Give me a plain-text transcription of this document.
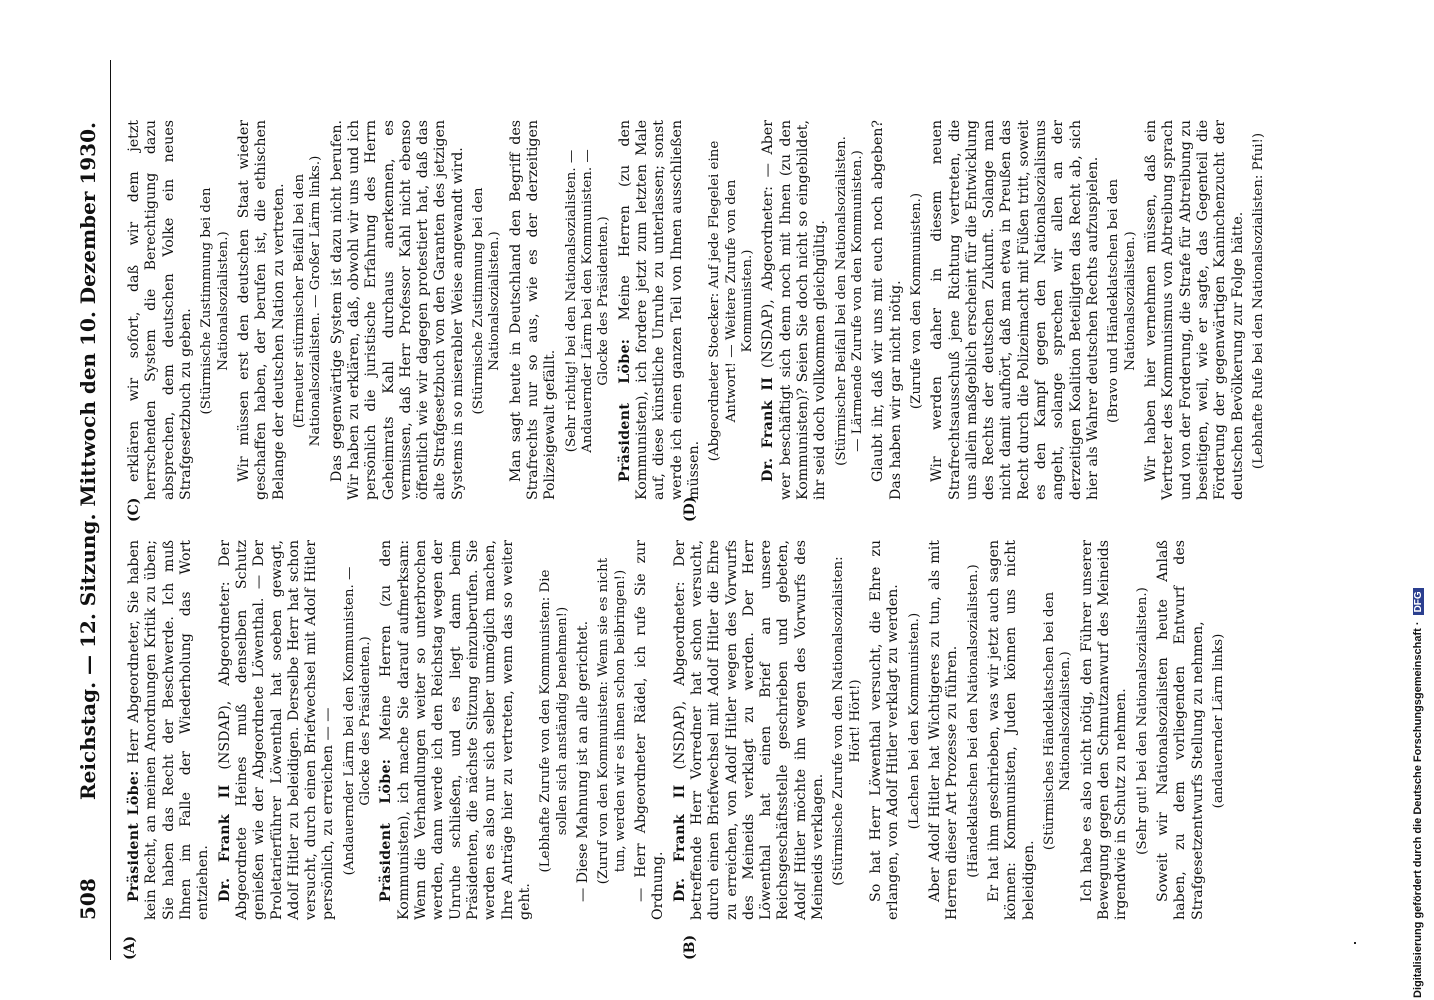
508
Reichstag. — 12. Sitzung. Mittwoch den 10. Dezember 1930.
(A)	(B)

Präsident Löbe: Herr Abgeordneter, Sie haben kein Recht, an meinen Anordnungen Kritik zu üben; Sie haben das Recht der Beschwerde. Ich muß Ihnen im Falle der Wiederholung das Wort entziehen. Dr. Frank II (NSDAP), Abgeordneter: Der Abgeordnete Heines muß denselben Schutz genießen wie der Abgeordnete Löwenthal. — Der Proletarierführer Löwenthal hat soeben gewagt, Adolf Hitler zu beleidigen. Derselbe Herr hat schon versucht, durch einen Briefwechsel mit Adolf Hitler persönlich, zu erreichen — — (Andauernder Lärm bei den Kommunisten. — Glocke des Präsidenten.)

Präsident Löbe: Meine Herren (zu den Kommunisten), ich mache Sie darauf aufmerksam: Wenn die Verhandlungen weiter so unterbrochen werden, dann werde ich den Reichstag wegen der Unruhe schließen, und es liegt dann beim Präsidenten, die nächste Sitzung einzuberufen. Sie werden es also nur sich selber unmöglich machen, Ihre Anträge hier zu vertreten, wenn das so weiter geht.

(Lebhafte Zurufe von den Kommunisten: Die sollen sich anständig benehmen!) — Diese Mahnung ist an alle gerichtet. (Zuruf von den Kommunisten: Wenn sie es nicht tun, werden wir es ihnen schon beibringen!) — Herr Abgeordneter Rädel, ich rufe Sie zur Ordnung. Dr. Frank II (NSDAP), Abgeordneter: Der betreffende Herr Vorredner hat schon versucht, durch einen Briefwechsel mit Adolf Hitler die Ehre zu erreichen, von Adolf Hitler wegen des Vorwurfs des Meineids verklagt zu werden. Der Herr Löwenthal hat einen Brief an unsere Reichsgeschäftsstelle geschrieben und gebeten, Adolf Hitler möchte ihn wegen des Vorwurfs des Meineids verklagen. (Stürmische Zurufe von den Nationalsozialisten: Hört! Hört!) So hat Herr Löwenthal versucht, die Ehre zu erlangen, von Adolf Hitler verklagt zu werden. (Lachen bei den Kommunisten.) Aber Adolf Hitler hat Wichtigeres zu tun, als mit Herren dieser Art Prozesse zu führen. (Händeklatschen bei den Nationalsozialisten.) Er hat ihm geschrieben, was wir jetzt auch sagen können: Kommunisten, Juden können uns nicht beleidigen.

(Stürmisches Händeklatschen bei den Nationalsozialisten.) Ich habe es also nicht nötig, den Führer unserer Bewegung gegen den Schmutzanwurf des Meineids irgendwie in Schutz zu nehmen. (Sehr gut! bei den Nationalsozialisten.) Soweit wir Nationalsozialisten heute Anlaß haben, zu dem vorliegenden Entwurf des Strafgesetzentwurfs Stellung zu nehmen, (andauernder Lärm links)

erklären wir sofort, daß wir dem jetzt herrschenden System die Berechtigung dazu absprechen, dem deutschen Volke ein neues Strafgesetzbuch zu geben. (Stürmische Zustimmung bei den Nationalsozialisten.) Wir müssen erst den deutschen Staat wieder geschaffen haben, der berufen ist, die ethischen Belange der deutschen Nation zu vertreten. (Erneuter stürmischer Beifall bei den Nationalsozialisten. — Großer Lärm links.) Das gegenwärtige System ist dazu nicht berufen. Wir haben zu erklären, daß, obwohl wir uns und ich persönlich die juristische Erfahrung des Herrn Geheimrats Kahl durchaus anerkennen, es vermissen, daß Herr Professor Kahl nicht ebenso öffentlich wie wir dagegen protestiert hat, daß das alte Strafgesetzbuch von den Garanten des jetzigen Systems in so miserabler Weise angewandt wird. (Stürmische Zustimmung bei den Nationalsozialisten.) Man sagt heute in Deutschland den Begriff des Strafrechts nur so aus, wie es der derzeitigen Polizeigewalt gefällt. (Sehr richtig! bei den Nationalsozialisten. — Andauernder Lärm bei den Kommunisten. — Glocke des Präsidenten.)

Präsident Löbe: Meine Herren (zu den Kommunisten), ich fordere jetzt zum letzten Male auf, diese künstliche Unruhe zu unterlassen; sonst werde ich einen ganzen Teil von Ihnen ausschließen müssen.

(Abgeordneter Stoecker: Auf jede Flegelei eine Antwort! — Weitere Zurufe von den Kommunisten.)

Dr. Frank II (NSDAP), Abgeordneter: — Aber wer beschäftigt sich denn noch mit Ihnen (zu den Kommunisten)? Seien Sie doch nicht so eingebildet, ihr seid doch vollkommen gleichgültig. (Stürmischer Beifall bei den Nationalsozialisten. — Lärmende Zurufe von den Kommunisten.) Glaubt ihr, daß wir uns mit euch noch abgeben? Das haben wir gar nicht nötig. (Zurufe von den Kommunisten.) Wir werden daher in diesem neuen Strafrechtsausschuß jene Richtung vertreten, die uns allein maßgeblich erscheint für die Entwicklung des Rechts der deutschen Zukunft. Solange man nicht damit aufhört, daß man etwa in Preußen das Recht durch die Polizeimacht mit Füßen tritt, soweit es den Kampf gegen den Nationalsozialismus angeht, solange sprechen wir allen an der derzeitigen Koalition Beteiligten das Recht ab, sich hier als Wahrer deutschen Rechts aufzuspielen. (Bravo und Händeklatschen bei den Nationalsozialisten.) Wir haben hier vernehmen müssen, daß ein Vertreter des Kommunismus von Abtreibung sprach und von der Forderung, die Strafe für Abtreibung zu beseitigen, weil, wie er sagte, das Gegenteil die Förderung der gegenwärtigen Kaninchenzucht der deutschen Bevölkerung zur Folge hätte. (Lebhafte Rufe bei den Nationalsozialisten: Pfui!)

(C)	(D)
Digitalisierung gefördert durch die Deutsche Forschungsgemeinschaft · DFG
